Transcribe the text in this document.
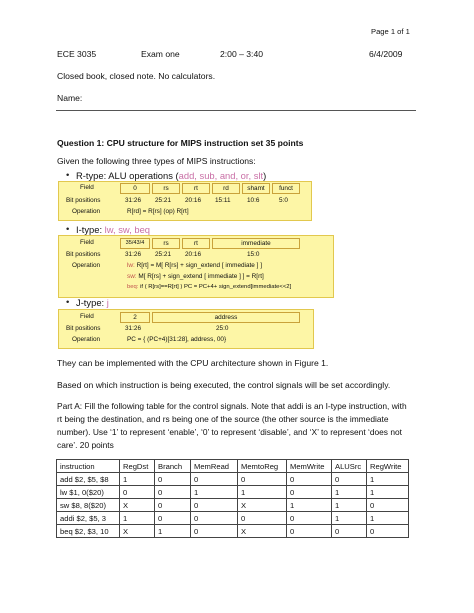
Page 1 of 1
ECE 3035	Exam one	2:00 – 3:40	6/4/2009
Closed book, closed note. No calculators.
Name:
Question 1: CPU structure for MIPS instruction set 35 points
Given the following three types of MIPS instructions:
• R-type: ALU operations (add, sub, and, or, slt)
Field	0	rs	rt	rd	shamt	funct
Bit positions	31:26 25:21 20:16 15:11	10:6	5:0
Operation	R[rd] = R[rs] (op) R[rt]
• I-type: lw, sw, beq
Field	35/43/4	rs	rt	immediate
Bit positions	31:26 25:21 20:16	15:0
Operation	lw: R[rt] = M[ R[rs] + sign_extend [ immediate ] ]
sw: M[ R[rs] + sign_extend [ immediate ] ] = R[rt]
beq: if ( R[rs]==R[rt] ) PC = PC+4+ sign_extend[immediate<<2]
• J-type: j
Field	2	address
Bit positions	31:26	25:0
Operation	PC = { (PC+4)[31:28], address, 00}
They can be implemented with the CPU architecture shown in Figure 1.
Based on which instruction is being executed, the control signals will be set accordingly.
Part A: Fill the following table for the control signals. Note that addi is an I-type instruction, with
rt being the destination, and rs being one of the source (the other source is the immediate
number). Use ‘1’ to represent ‘enable’, ‘0’ to represent ‘disable’, and ‘X’ to represent ‘does not
care’. 20 points
instruction	RegDst	Branch	MemRead	MemtoReg	MemWrite	ALUSrc	RegWrite
add $2, $5, $8	1	0	0	0	0	0	1
lw $1, 0($20)	0	0	1	1	0	1	1
sw $8, 8($20)	X	0	0	X	1	1	0
addi $2, $5, 3	1	0	0	0	0	1	1
beq $2, $3, 10	X	1	0	X	0	0	0
